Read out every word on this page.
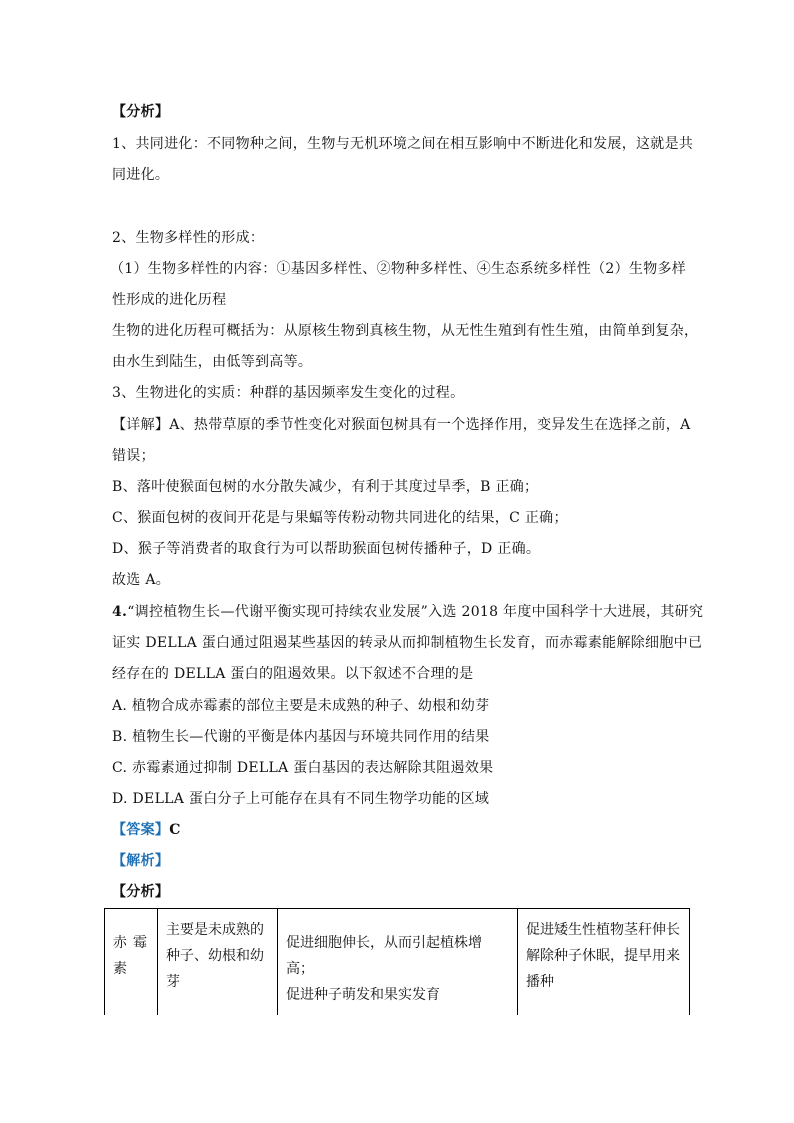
【分析】
1、共同进化：不同物种之间，生物与无机环境之间在相互影响中不断进化和发展，这就是共
同进化。
2、生物多样性的形成：
（1）生物多样性的内容：①基因多样性、②物种多样性、④生态系统多样性（2）生物多样
性形成的进化历程
生物的进化历程可概括为：从原核生物到真核生物，从无性生殖到有性生殖，由简单到复杂，
由水生到陆生，由低等到高等。
3、生物进化的实质：种群的基因频率发生变化的过程。
【详解】A、热带草原的季节性变化对猴面包树具有一个选择作用，变异发生在选择之前，A
错误；
B、落叶使猴面包树的水分散失减少，有利于其度过旱季，B 正确；
C、猴面包树的夜间开花是与果蝠等传粉动物共同进化的结果，C 正确；
D、猴子等消费者的取食行为可以帮助猴面包树传播种子，D 正确。
故选 A。
4.“调控植物生长—代谢平衡实现可持续农业发展”入选 2018 年度中国科学十大进展，其研究
证实 DELLA 蛋白通过阻遏某些基因的转录从而抑制植物生长发育，而赤霉素能解除细胞中已
经存在的 DELLA 蛋白的阻遏效果。以下叙述不合理的是
A. 植物合成赤霉素的部位主要是未成熟的种子、幼根和幼芽
B. 植物生长—代谢的平衡是体内基因与环境共同作用的结果
C. 赤霉素通过抑制 DELLA 蛋白基因的表达解除其阻遏效果
D. DELLA 蛋白分子上可能存在具有不同生物学功能的区域
【答案】C
【解析】
【分析】
赤霉素
主要是未成熟的
种子、幼根和幼
芽
促进细胞伸长，从而引起植株增高；
促进种子萌发和果实发育
促进矮生性植物茎秆伸长
解除种子休眠，提早用来
播种
